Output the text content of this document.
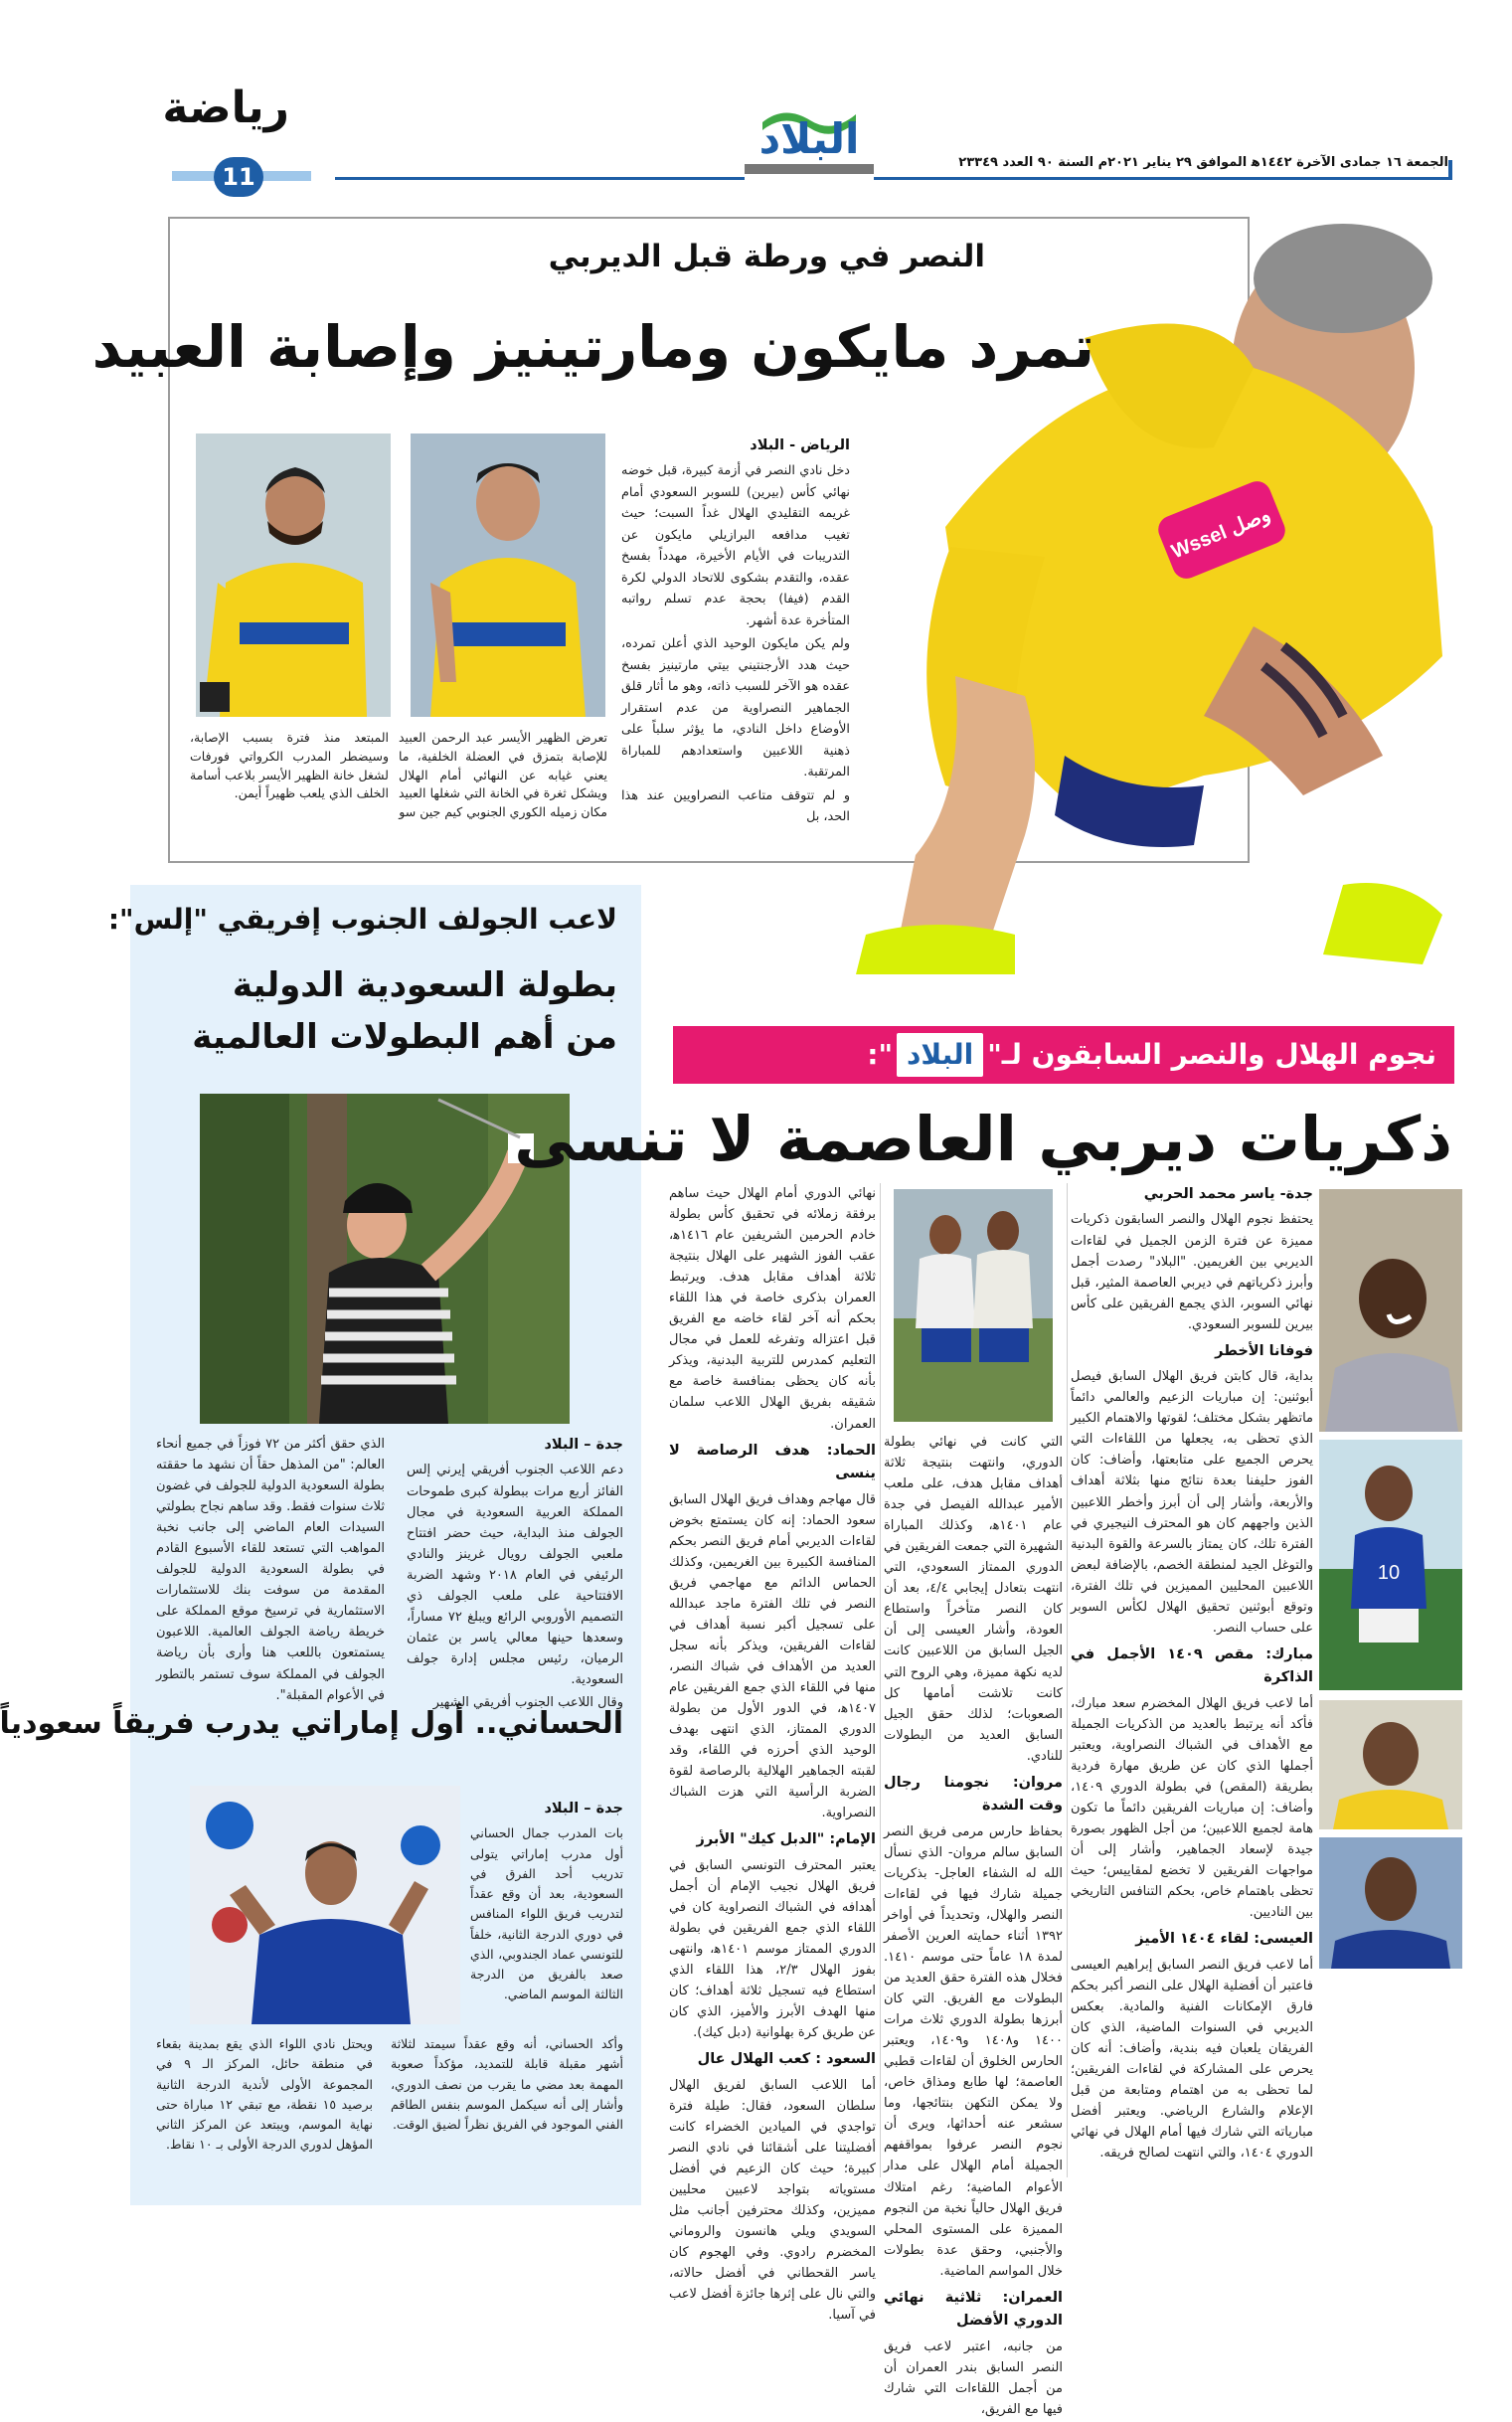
الجمعة ١٦ جمادى الآخرة ١٤٤٢ﻫ الموافق ٢٩ يناير ٢٠٢١م السنة ٩٠ العدد ٢٣٣٤٩
البلاد
رياضة
11
وصل Wssel
النصر في ورطة قبل الديربي
تمرد مايكون ومارتينيز وإصابة العبيد
الرياض - البلاد

دخل نادي النصر في أزمة كبيرة، قبل خوضه نهائي كأس (بيرين) للسوبر السعودي أمام غريمه التقليدي الهلال غداً السبت؛ حيث تغيب مدافعه البرازيلي مايكون عن التدريبات في الأيام الأخيرة، مهدداً بفسخ عقده، والتقدم بشكوى للاتحاد الدولي لكرة القدم (فيفا) بحجة عدم تسلم رواتبه المتأخرة عدة أشهر.

ولم يكن مايكون الوحيد الذي أعلن تمرده، حيث هدد الأرجنتيني بيتي مارتينيز بفسخ عقده هو الآخر للسبب ذاته، وهو ما أثار قلق الجماهير النصراوية من عدم استقرار الأوضاع داخل النادي، ما يؤثر سلباً على ذهنية اللاعبين واستعدادهم للمباراة المرتقبة.

و لم تتوقف متاعب النصراويين عند هذا الحد، بل

تعرض الظهير الأيسر عبد الرحمن العبيد للإصابة بتمزق في العضلة الخلفية، ما يعني غيابه عن النهائي أمام الهلال ويشكل ثغرة في الخانة التي شغلها العبيد مكان زميله الكوري الجنوبي كيم جين سو
المبتعد منذ فترة بسبب الإصابة، وسيضطر المدرب الكرواتي فورفات لشغل خانة الظهير الأيسر بلاعب أسامة الخلف الذي يلعب ظهيراً أيمن.
لاعب الجولف الجنوب إفريقي "إلس":
بطولة السعودية الدولية من أهم البطولات العالمية
جدة – البلاد

دعم اللاعب الجنوب أفريقي إيرني إلس الفائز أربع مرات ببطولة كبرى طموحات المملكة العربية السعودية في مجال الجولف منذ البداية، حيث حضر افتتاح ملعبي الجولف رويال غرينز والنادي الرئيفي في العام ٢٠١٨ وشهد الضربة الافتتاحية على ملعب الجولف ذي التصميم الأوروبي الرائع ويبلغ ٧٢ مساراً، وسعدها حينها معالي ياسر بن عثمان الرميان، رئيس مجلس إدارة جولف السعودية.

وقال اللاعب الجنوب أفريقي الشهير

الذي حقق أكثر من ٧٢ فوزاً في جميع أنحاء العالم: "من المذهل حقاً أن نشهد ما حققته بطولة السعودية الدولية للجولف في غضون ثلاث سنوات فقط. وقد ساهم نجاح بطولتي السيدات العام الماضي إلى جانب نخبة المواهب التي تستعد للقاء الأسبوع القادم في بطولة السعودية الدولية للجولف المقدمة من سوفت بنك للاستثمارات الاستثمارية في ترسيخ موقع المملكة على خريطة رياضة الجولف العالمية. اللاعبون يستمتعون باللعب هنا وأرى بأن رياضة الجولف في المملكة سوف تستمر بالتطور في الأعوام المقبلة".

الحساني.. أول إماراتي يدرب فريقاً سعودياً
جدة – البلاد

بات المدرب جمال الحساني أول مدرب إماراتي يتولى تدريب أحد الفرق في السعودية، بعد أن وقع عقداً لتدريب فريق اللواء المنافس في دوري الدرجة الثانية، خلفاً للتونسي عماد الجندوبي، الذي صعد بالفريق من الدرجة الثالثة الموسم الماضي.

وأكد الحساني، أنه وقع عقداً سيمتد لثلاثة أشهر مقبلة قابلة للتمديد، مؤكداً صعوبة المهمة بعد مضي ما يقرب من نصف الدوري، وأشار إلى أنه سيكمل الموسم بنفس الطاقم الفني الموجود في الفريق نظراً لضيق الوقت.

ويحتل نادي اللواء الذي يقع بمدينة بقعاء في منطقة حائل، المركز الـ ٩ في المجموعة الأولى لأندية الدرجة الثانية برصيد ١٥ نقطة، مع تبقي ١٢ مباراة حتى نهاية الموسم، ويبتعد عن المركز الثاني المؤهل لدوري الدرجة الأولى بـ ١٠ نقاط.

نجوم الهلال والنصر السابقون لـ"البلاد":
ذكريات ديربي العاصمة لا تنسى
جدة- ياسر محمد الحربي

يحتفظ نجوم الهلال والنصر السابقون ذكريات مميزة عن فترة الزمن الجميل في لقاءات الديربي بين الغريمين. "البلاد" رصدت أجمل وأبرز ذكرياتهم في ديربي العاصمة المثير، قبل نهائي السوبر، الذي يجمع الفريقين على كأس بيرين للسوبر السعودي.

فوفانا الأخطر

بداية، قال كابتن فريق الهلال السابق فيصل أبوثنين: إن مباريات الزعيم والعالمي دائماً ماتظهر بشكل مختلف؛ لقوتها والاهتمام الكبير الذي تحظى به، يجعلها من اللقاءات التي يحرص الجميع على متابعتها، وأضاف: كان الفوز حليفنا بعدة نتائج منها بثلاثة أهداف والأربعة، وأشار إلى أن أبرز وأخطر اللاعبين الذين واجههم كان هو المحترف النيجيري في الفترة تلك، كان يمتاز بالسرعة والقوة البدنية والتوغل الجيد لمنطقة الخصم، بالإضافة لبعض اللاعبين المحليين المميزين في تلك الفترة، وتوقع أبوثنين تحقيق الهلال لكأس السوبر على حساب النصر.

مبارك: مقص ١٤٠٩ الأجمل في الذاكرة

أما لاعب فريق الهلال المخضرم سعد مبارك، فأكد أنه يرتبط بالعديد من الذكريات الجميلة مع الأهداف في الشباك النصراوية، ويعتبر أجملها الذي كان عن طريق مهارة فردية بطريقة (المقص) في بطولة الدوري ١٤٠٩، وأضاف: إن مباريات الفريقين دائماً ما تكون هامة لجميع اللاعبين؛ من أجل الظهور بصورة جيدة لإسعاد الجماهير، وأشار إلى أن مواجهات الفريقين لا تخضع لمقاييس؛ حيث تحظى باهتمام خاص، بحكم التنافس التاريخي بين الناديين.

العيسى: لقاء ١٤٠٤ الأميز

أما لاعب فريق النصر السابق إبراهيم العيسى فاعتبر أن أفضلية الهلال على النصر أكبر بحكم فارق الإمكانات الفنية والمادية. بعكس الديربي في السنوات الماضية، الذي كان الفريقان يلعبان فيه بندية، وأضاف: أنه كان يحرص على المشاركة في لقاءات الفريقين؛ لما تحظى به من اهتمام ومتابعة من قبل الإعلام والشارع الرياضي. ويعتبر أفضل مبارياته التي شارك فيها أمام الهلال في نهائي الدوري ١٤٠٤، والتي انتهت لصالح فريقه.

10

التي كانت في نهائي بطولة الدوري، وانتهت بنتيجة ثلاثة أهداف مقابل هدف، على ملعب الأمير عبدالله الفيصل في جدة عام ١٤٠١ﻫ، وكذلك المباراة الشهيرة التي جمعت الفريقين في الدوري الممتاز السعودي، التي انتهت بتعادل إيجابي ٤/٤، بعد أن كان النصر متأخراً واستطاع العودة، وأشار العيسى إلى أن الجيل السابق من اللاعبين كانت لديه نكهة مميزة، وهي الروح التي كانت تلاشت أمامها كل الصعوبات؛ لذلك حقق الجيل السابق العديد من البطولات للنادي.

مروان: نجومنا رجال وقت الشدة

بحفاظ حارس مرمى فريق النصر السابق سالم مروان- الذي نسأل الله له الشفاء العاجل- بذكريات جميلة شارك فيها في لقاءات النصر والهلال، وتحديداً في أواخر ١٣٩٢ أثناء حمايته العرين الأصفر لمدة ١٨ عاماً حتى موسم ١٤١٠. فخلال هذه الفترة حقق العديد من البطولات مع الفريق. التي كان أبرزها بطولة الدوري ثلاث مرات ١٤٠٠ و١٤٠٨ و١٤٠٩، ويعتبر الحارس الخلوق أن لقاءات قطبي العاصمة؛ لها طابع ومذاق خاص، ولا يمكن التكهن بنتائجها، وما سشعر عنه أحداثها، ويرى أن نجوم النصر عرفوا بمواقفهم الجميلة أمام الهلال على مدار الأعوام الماضية؛ رغم امتلاك فريق الهلال حالياً نخبة من النجوم المميزة على المستوى المحلي والأجنبي، وحقق عدة بطولات خلال المواسم الماضية.

العمران: ثلاثية نهائي الدوري الأفضل

من جانبه، اعتبر لاعب فريق النصر السابق بندر العمران أن من أجمل اللقاءات التي شارك فيها مع الفريق،

نهائي الدوري أمام الهلال حيث ساهم برفقة زملائه في تحقيق كأس بطولة خادم الحرمين الشريفين عام ١٤١٦ﻫ، عقب الفوز الشهير على الهلال بنتيجة ثلاثة أهداف مقابل هدف. ويرتبط العمران بذكرى خاصة في هذا اللقاء بحكم أنه آخر لقاء خاضه مع الفريق قبل اعتزاله وتفرغه للعمل في مجال التعليم كمدرس للتربية البدنية، ويذكر بأنه كان يحظى بمنافسة خاصة مع شقيقه بفريق الهلال اللاعب سلمان العمران.

الحماد: هدف الرصاصة لا ينسى

قال مهاجم وهداف فريق الهلال السابق سعود الحماد: إنه كان يستمتع بخوض لقاءات الديربي أمام فريق النصر بحكم المنافسة الكبيرة بين الغريمين، وكذلك الحماس الدائم مع مهاجمي فريق النصر في تلك الفترة ماجد عبدالله على تسجيل أكبر نسبة أهداف في لقاءات الفريقين، ويذكر بأنه سجل العديد من الأهداف في شباك النصر، منها في اللقاء الذي جمع الفريقين عام ١٤٠٧ﻫ، في الدور الأول من بطولة الدوري الممتاز، الذي انتهى بهدف الوحيد الذي أحرزه في اللقاء، وقد لقبته الجماهير الهلالية بالرصاصة لقوة الضربة الرأسية التي هزت الشباك النصراوية.

الإمام: "الدبل كيك" الأبرز

يعتبر المحترف التونسي السابق في فريق الهلال نجيب الإمام أن أجمل أهدافه في الشباك النصراوية كان في اللقاء الذي جمع الفريقين في بطولة الدوري الممتاز موسم ١٤٠١ﻫ، وانتهى بفوز الهلال ٢/٣، هذا اللقاء الذي استطاع فيه تسجيل ثلاثة أهداف؛ كان منها الهدف الأبرز والأميز، الذي كان عن طريق كرة بهلوانية (دبل كيك).

السعود : كعب الهلال عال

أما اللاعب السابق لفريق الهلال سلطان السعود، فقال: طيلة فترة تواجدي في الميادين الخضراء كانت أفضليتنا على أشقائنا في نادي النصر كبيرة؛ حيث كان الزعيم في أفضل مستوياته بتواجد لاعبين محليين مميزين، وكذلك محترفين أجانب مثل السويدي ويلي هانسون والروماني المخضرم رادوي. وفي الهجوم كان ياسر القحطاني في أفضل حالاته، والتي نال على إثرها جائزة أفضل لاعب في آسيا.
